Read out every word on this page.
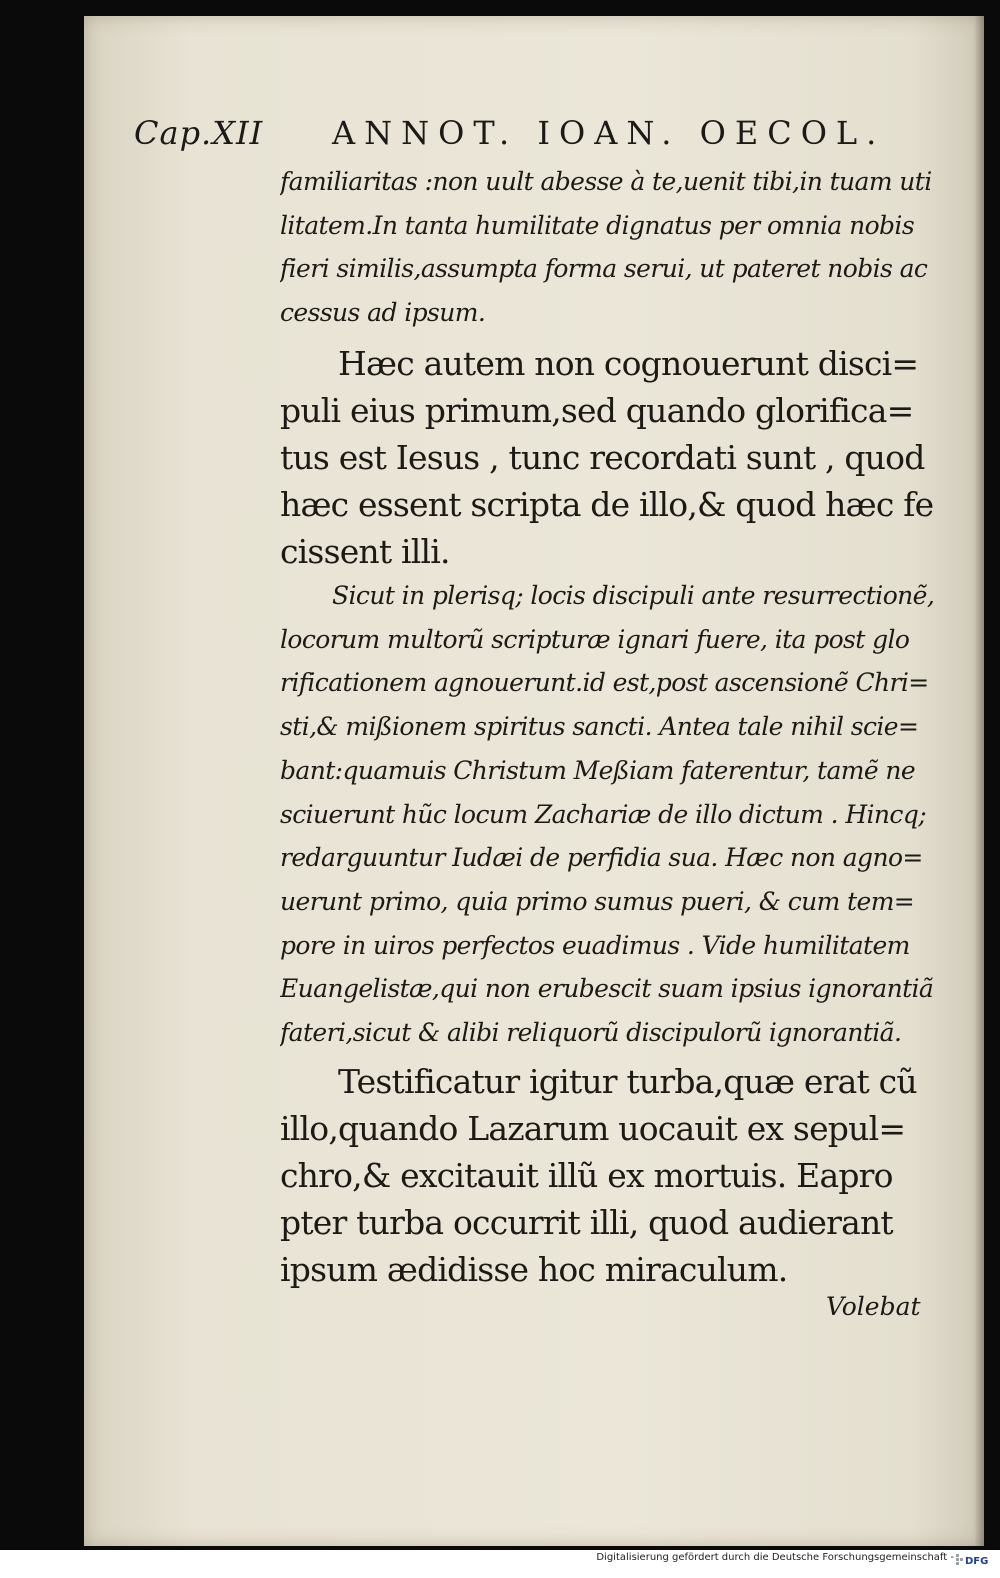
Cap.XII ANNOT. IOAN. OECOL.
familiaritas :non uult abesse à te,uenit tibi,in tuam uti
litatem.In tanta humilitate dignatus per omnia nobis
fieri similis,assumpta forma serui, ut pateret nobis ac
cessus ad ipsum.
Hæc autem non cognouerunt disci=
puli eius primum,sed quando glorifica=
tus est Iesus , tunc recordati sunt , quod
hæc essent scripta de illo,& quod hæc fe
cissent illi.
Sicut in plerisq; locis discipuli ante resurrectionẽ,
locorum multorũ scripturæ ignari fuere, ita post glo
rificationem agnouerunt.id est,post ascensionẽ Chri=
sti,& mißionem spiritus sancti. Antea tale nihil scie=
bant:quamuis Christum Meßiam faterentur, tamẽ ne
sciuerunt hũc locum Zachariæ de illo dictum . Hincq;
redarguuntur Iudæi de perfidia sua. Hæc non agno=
uerunt primo, quia primo sumus pueri, & cum tem=
pore in uiros perfectos euadimus . Vide humilitatem
Euangelistæ,qui non erubescit suam ipsius ignorantiã
fateri,sicut & alibi reliquorũ discipulorũ ignorantiã.
Testificatur igitur turba,quæ erat cũ
illo,quando Lazarum uocauit ex sepul=
chro,& excitauit illũ ex mortuis. Eapro
pter turba occurrit illi, quod audierant
ipsum ædidisse hoc miraculum.
Volebat
Digitalisierung gefördert durch die Deutsche Forschungsgemeinschaft - DFG
